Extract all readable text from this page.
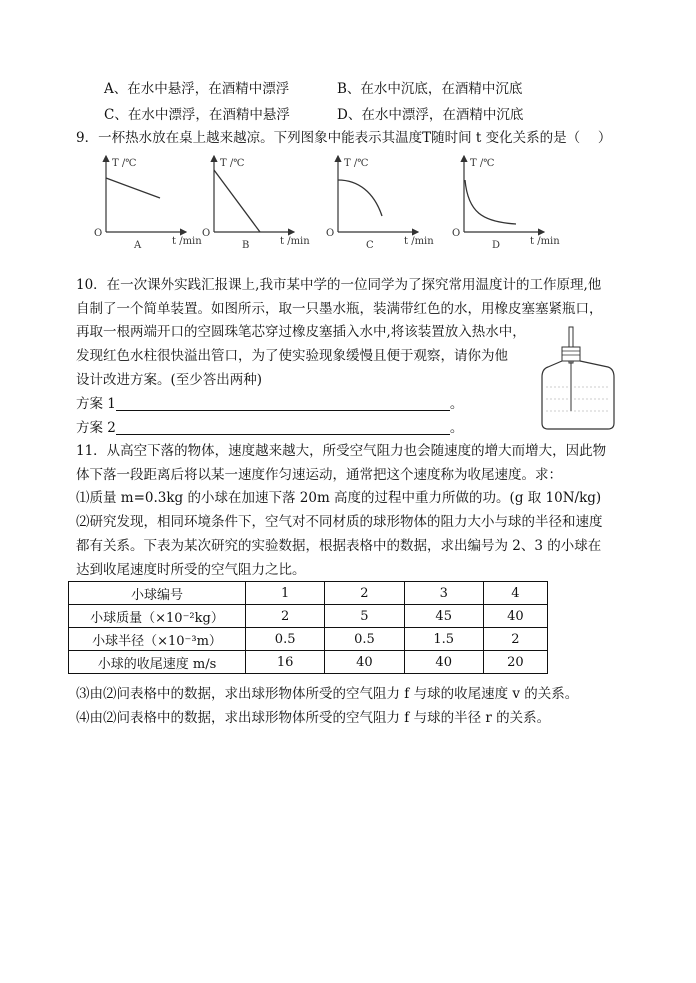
A、在水中悬浮，在酒精中漂浮	B、在水中沉底，在酒精中沉底
C、在水中漂浮，在酒精中悬浮	D、在水中漂浮，在酒精中沉底
9．一杯热水放在桌上越来越凉。下列图象中能表示其温度T随时间 t 变化关系的是（　 ）
T /℃
O
t /min
A
T /℃
O
t /min
B
T /℃
O
t /min
C
T /℃
O
t /min
D
10．在一次课外实践汇报课上,我市某中学的一位同学为了探究常用温度计的工作原理,他
自制了一个简单装置。如图所示，取一只墨水瓶，装满带红色的水，用橡皮塞塞紧瓶口，
再取一根两端开口的空圆珠笔芯穿过橡皮塞插入水中,将该装置放入热水中，
发现红色水柱很快溢出管口，为了使实验现象缓慢且便于观察，请你为他
设计改进方案。(至少答出两种)
方案 1	。
方案 2	。
11．从高空下落的物体，速度越来越大，所受空气阻力也会随速度的增大而增大，因此物
体下落一段距离后将以某一速度作匀速运动，通常把这个速度称为收尾速度。求：
⑴质量 m=0.3kg 的小球在加速下落 20m 高度的过程中重力所做的功。(g 取 10N/kg)
⑵研究发现，相同环境条件下，空气对不同材质的球形物体的阻力大小与球的半径和速度
都有关系。下表为某次研究的实验数据，根据表格中的数据，求出编号为 2、3 的小球在
达到收尾速度时所受的空气阻力之比。
小球编号	1	2	3	4
小球质量（×10⁻²kg）	2	5	45	40
小球半径（×10⁻³m）	0.5	0.5	1.5	2
小球的收尾速度 m/s	16	40	40	20
⑶由⑵问表格中的数据，求出球形物体所受的空气阻力 f 与球的收尾速度 v 的关系。
⑷由⑵问表格中的数据，求出球形物体所受的空气阻力 f 与球的半径 r 的关系。
